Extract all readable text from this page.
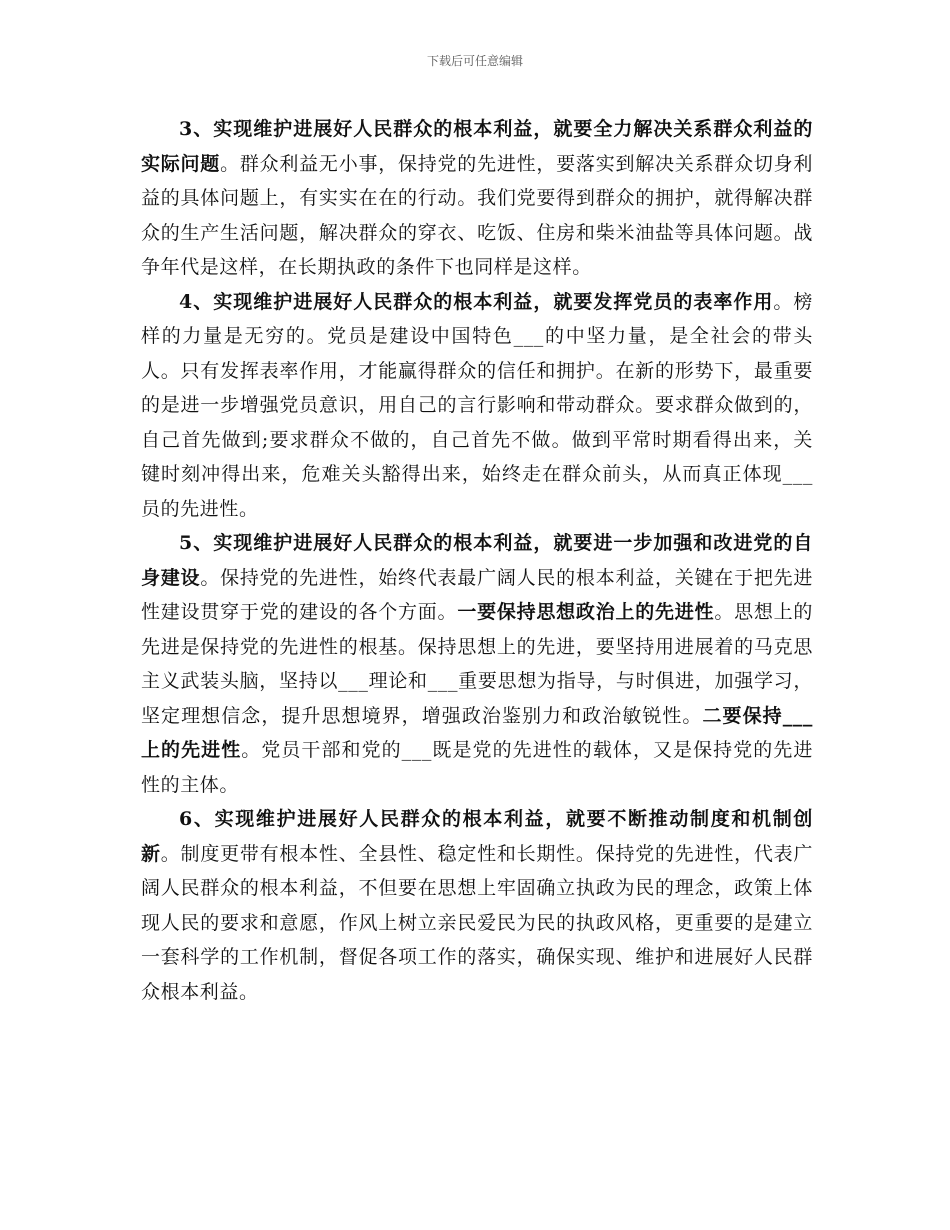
下载后可任意编辑

3、实现维护进展好人民群众的根本利益，就要全力解决关系群众利益的实际问题。群众利益无小事，保持党的先进性，要落实到解决关系群众切身利益的具体问题上，有实实在在的行动。我们党要得到群众的拥护，就得解决群众的生产生活问题，解决群众的穿衣、吃饭、住房和柴米油盐等具体问题。战争年代是这样，在长期执政的条件下也同样是这样。

4、实现维护进展好人民群众的根本利益，就要发挥党员的表率作用。榜样的力量是无穷的。党员是建设中国特色___的中坚力量，是全社会的带头人。只有发挥表率作用，才能赢得群众的信任和拥护。在新的形势下，最重要的是进一步增强党员意识，用自己的言行影响和带动群众。要求群众做到的，自己首先做到;要求群众不做的，自己首先不做。做到平常时期看得出来，关键时刻冲得出来，危难关头豁得出来，始终走在群众前头，从而真正体现___员的先进性。

5、实现维护进展好人民群众的根本利益，就要进一步加强和改进党的自身建设。保持党的先进性，始终代表最广阔人民的根本利益，关键在于把先进性建设贯穿于党的建设的各个方面。一要保持思想政治上的先进性。思想上的先进是保持党的先进性的根基。保持思想上的先进，要坚持用进展着的马克思主义武装头脑，坚持以___理论和___重要思想为指导，与时俱进，加强学习，坚定理想信念，提升思想境界，增强政治鉴别力和政治敏锐性。二要保持___上的先进性。党员干部和党的___既是党的先进性的载体，又是保持党的先进性的主体。

6、实现维护进展好人民群众的根本利益，就要不断推动制度和机制创新。制度更带有根本性、全县性、稳定性和长期性。保持党的先进性，代表广阔人民群众的根本利益，不但要在思想上牢固确立执政为民的理念，政策上体现人民的要求和意愿，作风上树立亲民爱民为民的执政风格，更重要的是建立一套科学的工作机制，督促各项工作的落实，确保实现、维护和进展好人民群众根本利益。
